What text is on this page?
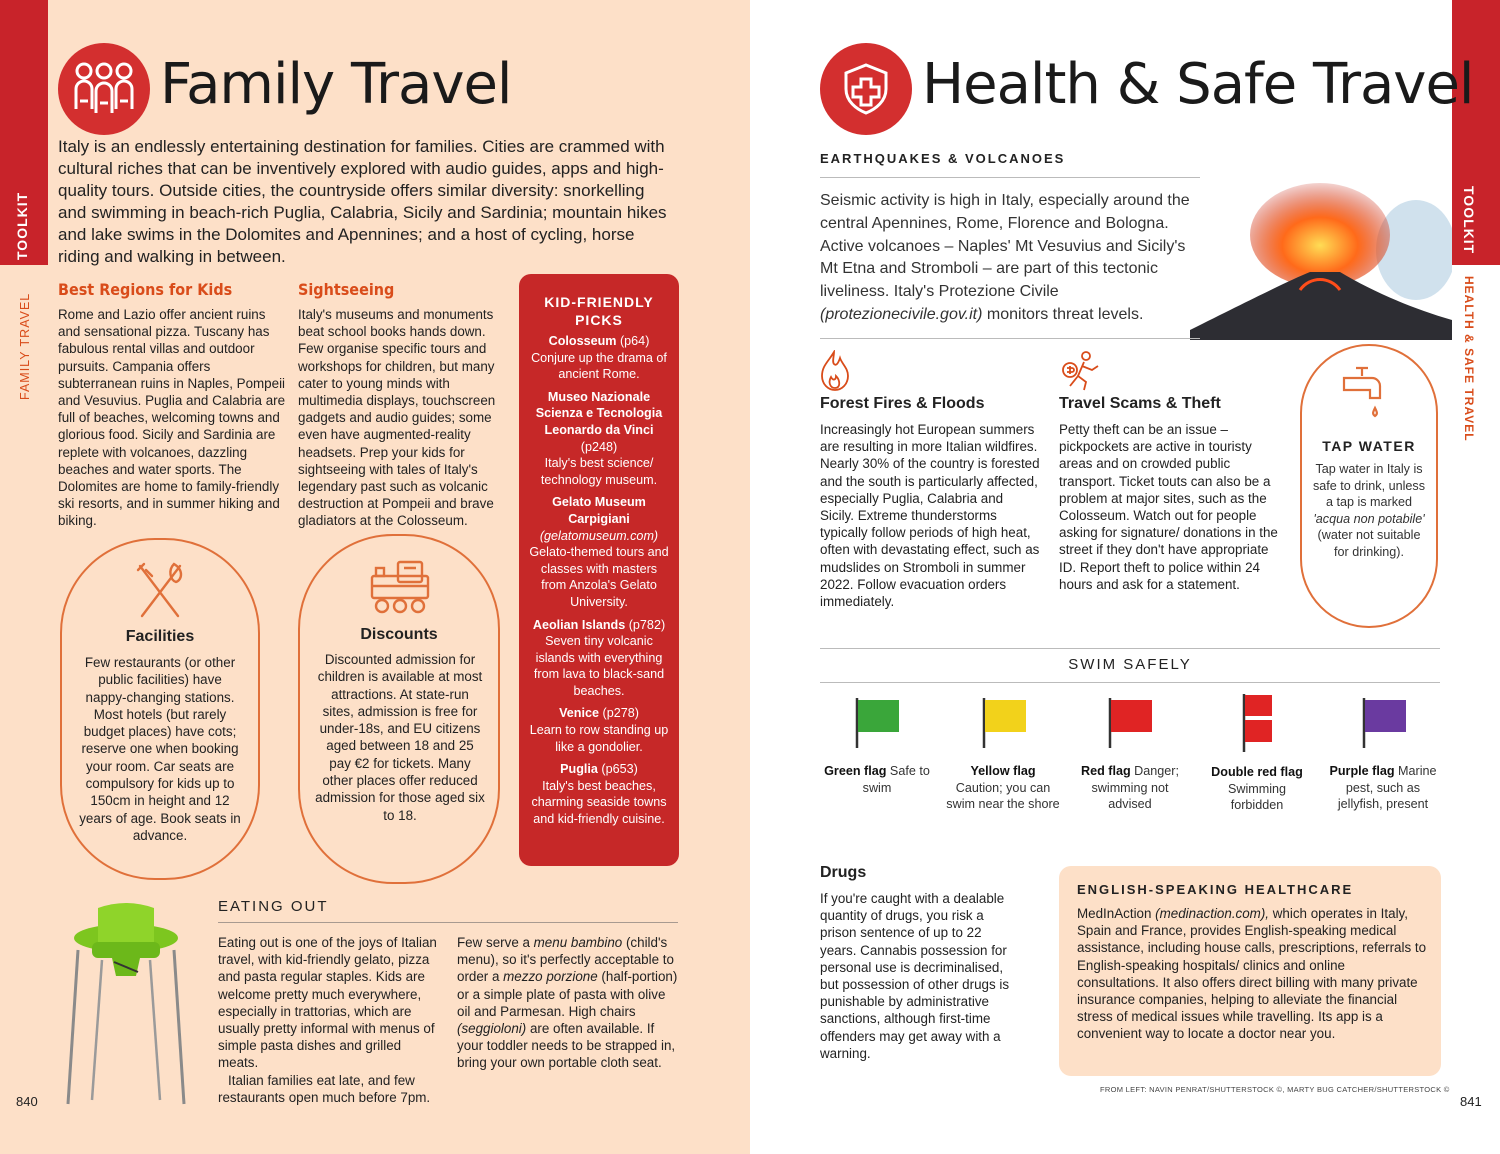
TOOLKIT
FAMILY TRAVEL
Family Travel
Italy is an endlessly entertaining destination for families. Cities are crammed with cultural riches that can be inventively explored with audio guides, apps and high-quality tours. Outside cities, the countryside offers similar diversity: snorkelling and swimming in beach-rich Puglia, Calabria, Sicily and Sardinia; mountain hikes and lake swims in the Dolomites and Apennines; and a host of cycling, horse riding and walking in between.
Best Regions for Kids
Rome and Lazio offer ancient ruins and sensational pizza. Tuscany has fabulous rental villas and outdoor pursuits. Campania offers subterranean ruins in Naples, Pompeii and Vesuvius. Puglia and Calabria are full of beaches, welcoming towns and glorious food. Sicily and Sardinia are replete with volcanoes, dazzling beaches and water sports. The Dolomites are home to family-friendly ski resorts, and in summer hiking and biking.
Sightseeing
Italy's museums and monuments beat school books hands down. Few organise specific tours and workshops for children, but many cater to young minds with multimedia displays, touchscreen gadgets and audio guides; some even have augmented-reality headsets. Prep your kids for sightseeing with tales of Italy's legendary past such as volcanic destruction at Pompeii and brave gladiators at the Colosseum.
Facilities
Few restaurants (or other public facilities) have nappy-changing stations. Most hotels (but rarely budget places) have cots; reserve one when booking your room. Car seats are compulsory for kids up to 150cm in height and 12 years of age. Book seats in advance.
Discounts
Discounted admission for children is available at most attractions. At state-run sites, admission is free for under-18s, and EU citizens aged between 18 and 25 pay €2 for tickets. Many other places offer reduced admission for those aged six to 18.
KID-FRIENDLY PICKS
Colosseum (p64)
Conjure up the drama of ancient Rome.
Museo Nazionale Scienza e Tecnologia Leonardo da Vinci (p248)
Italy's best science/ technology museum.
Gelato Museum Carpigiani (gelatomuseum.com)
Gelato-themed tours and classes with masters from Anzola's Gelato University.
Aeolian Islands (p782)
Seven tiny volcanic islands with everything from lava to black-sand beaches.
Venice (p278)
Learn to row standing up like a gondolier.
Puglia (p653)
Italy's best beaches, charming seaside towns and kid-friendly cuisine.
EATING OUT
Eating out is one of the joys of Italian travel, with kid-friendly gelato, pizza and pasta regular staples. Kids are welcome pretty much everywhere, especially in trattorias, which are usually pretty informal with menus of simple pasta dishes and grilled meats.
Italian families eat late, and few restaurants open much before 7pm.
Few serve a menu bambino (child's menu), so it's perfectly acceptable to order a mezzo porzione (half-portion) or a simple plate of pasta with olive oil and Parmesan. High chairs (seggioloni) are often available. If your toddler needs to be strapped in, bring your own portable cloth seat.
840
TOOLKIT
HEALTH & SAFE TRAVEL
Health & Safe Travel
EARTHQUAKES & VOLCANOES
Seismic activity is high in Italy, especially around the central Apennines, Rome, Florence and Bologna. Active volcanoes – Naples' Mt Vesuvius and Sicily's Mt Etna and Stromboli – are part of this tectonic liveliness. Italy's Protezione Civile (protezionecivile.gov.it) monitors threat levels.
Forest Fires & Floods
Increasingly hot European summers are resulting in more Italian wildfires. Nearly 30% of the country is forested and the south is particularly affected, especially Puglia, Calabria and Sicily. Extreme thunderstorms typically follow periods of high heat, often with devastating effect, such as mudslides on Stromboli in summer 2022. Follow evacuation orders immediately.
Travel Scams & Theft
Petty theft can be an issue – pickpockets are active in touristy areas and on crowded public transport. Ticket touts can also be a problem at major sites, such as the Colosseum. Watch out for people asking for signature/ donations in the street if they don't have appropriate ID. Report theft to police within 24 hours and ask for a statement.
TAP WATER
Tap water in Italy is safe to drink, unless a tap is marked 'acqua non potabile' (water not suitable for drinking).
SWIM SAFELY
Green flag Safe to swim
Yellow flag Caution; you can swim near the shore
Red flag Danger; swimming not advised
Double red flag Swimming forbidden
Purple flag Marine pest, such as jellyfish, present
Drugs
If you're caught with a dealable quantity of drugs, you risk a prison sentence of up to 22 years. Cannabis possession for personal use is decriminalised, but possession of other drugs is punishable by administrative sanctions, although first-time offenders may get away with a warning.
ENGLISH-SPEAKING HEALTHCARE
MedInAction (medinaction.com), which operates in Italy, Spain and France, provides English-speaking medical assistance, including house calls, prescriptions, referrals to English-speaking hospitals/ clinics and online consultations. It also offers direct billing with many private insurance companies, helping to alleviate the financial stress of medical issues while travelling. Its app is a convenient way to locate a doctor near you.
FROM LEFT: NAVIN PENRAT/SHUTTERSTOCK ©, MARTY BUG CATCHER/SHUTTERSTOCK ©
841
